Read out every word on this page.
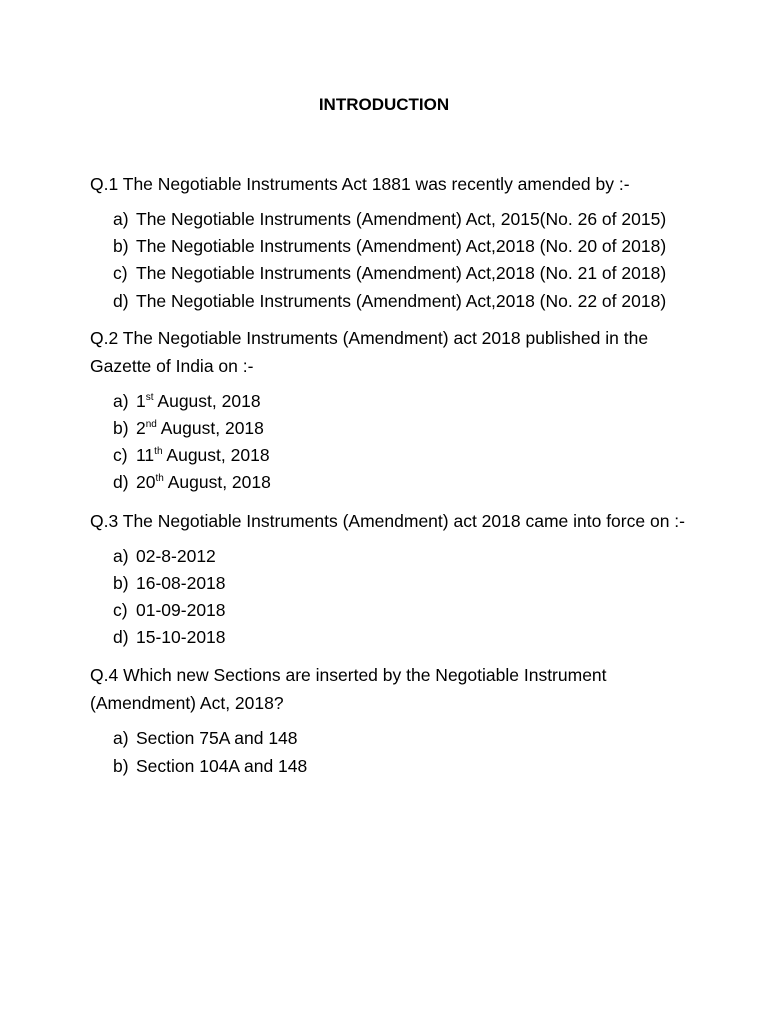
INTRODUCTION
Q.1 The Negotiable Instruments Act 1881 was recently amended by :-
a) The Negotiable Instruments (Amendment) Act, 2015(No. 26 of 2015)
b) The Negotiable Instruments (Amendment) Act,2018 (No. 20 of 2018)
c) The Negotiable Instruments (Amendment) Act,2018 (No. 21 of 2018)
d) The Negotiable Instruments (Amendment) Act,2018 (No. 22 of 2018)
Q.2 The Negotiable Instruments (Amendment) act 2018 published in the Gazette of India on :-
a) 1st August, 2018
b) 2nd August, 2018
c) 11th August, 2018
d) 20th August, 2018
Q.3 The Negotiable Instruments (Amendment) act 2018 came into force on :-
a) 02-8-2012
b) 16-08-2018
c) 01-09-2018
d) 15-10-2018
Q.4 Which new Sections are inserted by the Negotiable Instrument (Amendment) Act, 2018?
a) Section 75A and 148
b) Section 104A and 148
